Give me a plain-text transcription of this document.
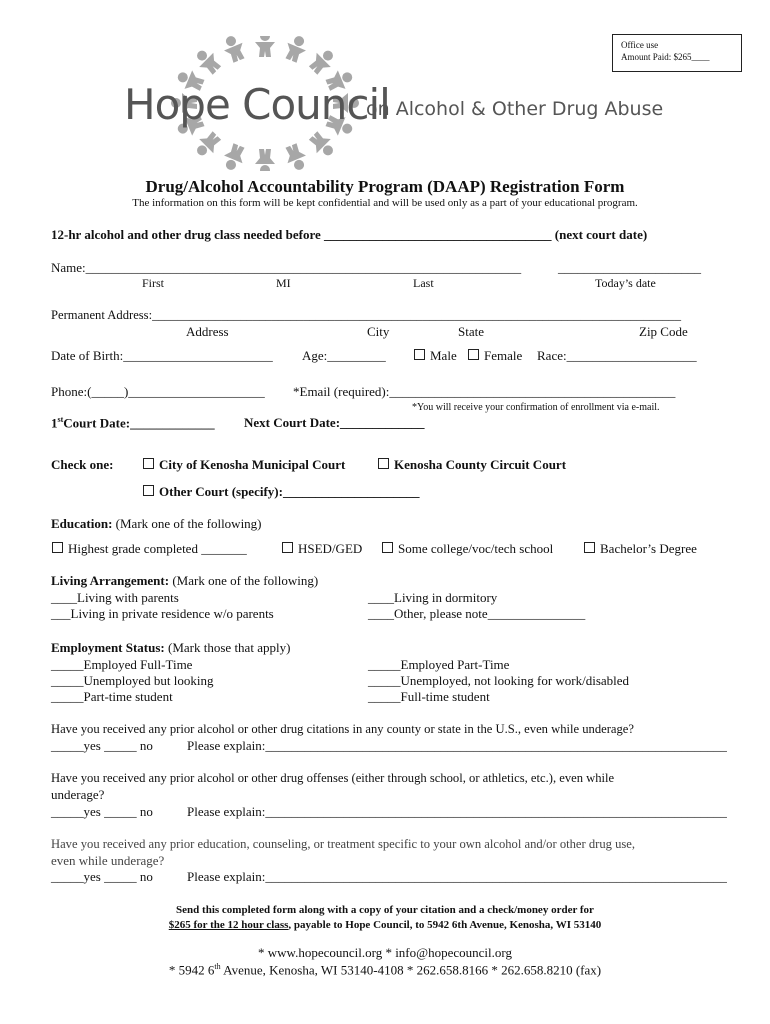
Office use
Amount Paid: $265____
Hope Council
on Alcohol & Other Drug Abuse
Drug/Alcohol Accountability Program (DAAP) Registration Form
The information on this form will be kept confidential and will be used only as a part of your educational program.
12-hr alcohol and other drug class needed before ___________________________________ (next court date)
Name:___________________________________________________________________	______________________
First	MI	Last	Today’s date
Permanent Address:____________________________________________________________________________________
Address	City	State	Zip Code
Date of Birth:_______________________ Age:_________	Male	Female Race:____________________
Phone:(_____)_____________________ *Email (required):____________________________________________
*You will receive your confirmation of enrollment via e-mail.
1stCourt Date:_____________ Next Court Date:_____________
Check one:	City of Kenosha Municipal Court	Kenosha County Circuit Court
Other Court (specify):_____________________
Education: (Mark one of the following)
Highest grade completed _______	HSED/GED	Some college/voc/tech school	Bachelor’s Degree
Living Arrangement: (Mark one of the following)
____Living with parents
___Living in private residence w/o parents
____Living in dormitory
____Other, please note_______________
Employment Status: (Mark those that apply)
_____Employed Full-Time
_____Unemployed but looking
_____Part-time student
_____Employed Part-Time
_____Unemployed, not looking for work/disabled
_____Full-time student
Have you received any prior alcohol or other drug citations in any county or state in the U.S., even while underage?
_____yes _____ no	Please explain:_______________________________________________________________________
Have you received any prior alcohol or other drug offenses (either through school, or athletics, etc.), even while
underage?
_____yes _____ no	Please explain:_______________________________________________________________________
Have you received any prior education, counseling, or treatment specific to your own alcohol and/or other drug use,
even while underage?
_____yes _____ no	Please explain:_______________________________________________________________________
Send this completed form along with a copy of your citation and a check/money order for
$265 for the 12 hour class, payable to Hope Council, to 5942 6th Avenue, Kenosha, WI 53140
* www.hopecouncil.org * info@hopecouncil.org
* 5942 6th Avenue, Kenosha, WI 53140-4108 * 262.658.8166 * 262.658.8210 (fax)
